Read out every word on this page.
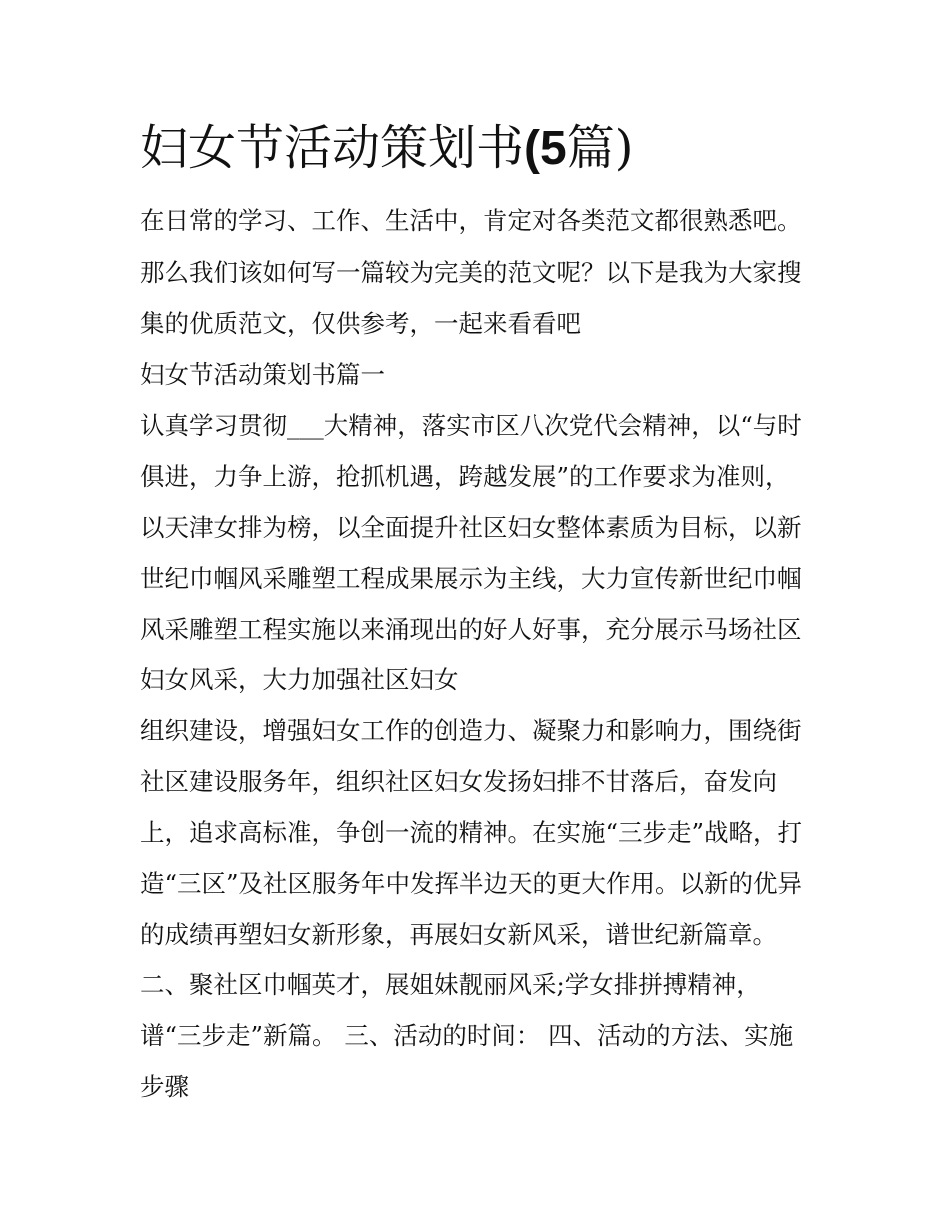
妇女节活动策划书(5篇)

在日常的学习、工作、生活中，肯定对各类范文都很熟悉吧。

那么我们该如何写一篇较为完美的范文呢？以下是我为大家搜

集的优质范文，仅供参考，一起来看看吧

妇女节活动策划书篇一

认真学习贯彻___大精神，落实市区八次党代会精神，以“与时

俱进，力争上游，抢抓机遇，跨越发展”的工作要求为准则，

以天津女排为榜，以全面提升社区妇女整体素质为目标，以新

世纪巾帼风采雕塑工程成果展示为主线，大力宣传新世纪巾帼

风采雕塑工程实施以来涌现出的好人好事，充分展示马场社区

妇女风采，大力加强社区妇女

组织建设，增强妇女工作的创造力、凝聚力和影响力，围绕街

社区建设服务年，组织社区妇女发扬妇排不甘落后，奋发向

上，追求高标准，争创一流的精神。在实施“三步走”战略，打

造“三区”及社区服务年中发挥半边天的更大作用。以新的优异

的成绩再塑妇女新形象，再展妇女新风采，谱世纪新篇章。

二、聚社区巾帼英才，展姐妹靓丽风采;学女排拼搏精神，

谱“三步走”新篇。 三、活动的时间： 四、活动的方法、实施

步骤
